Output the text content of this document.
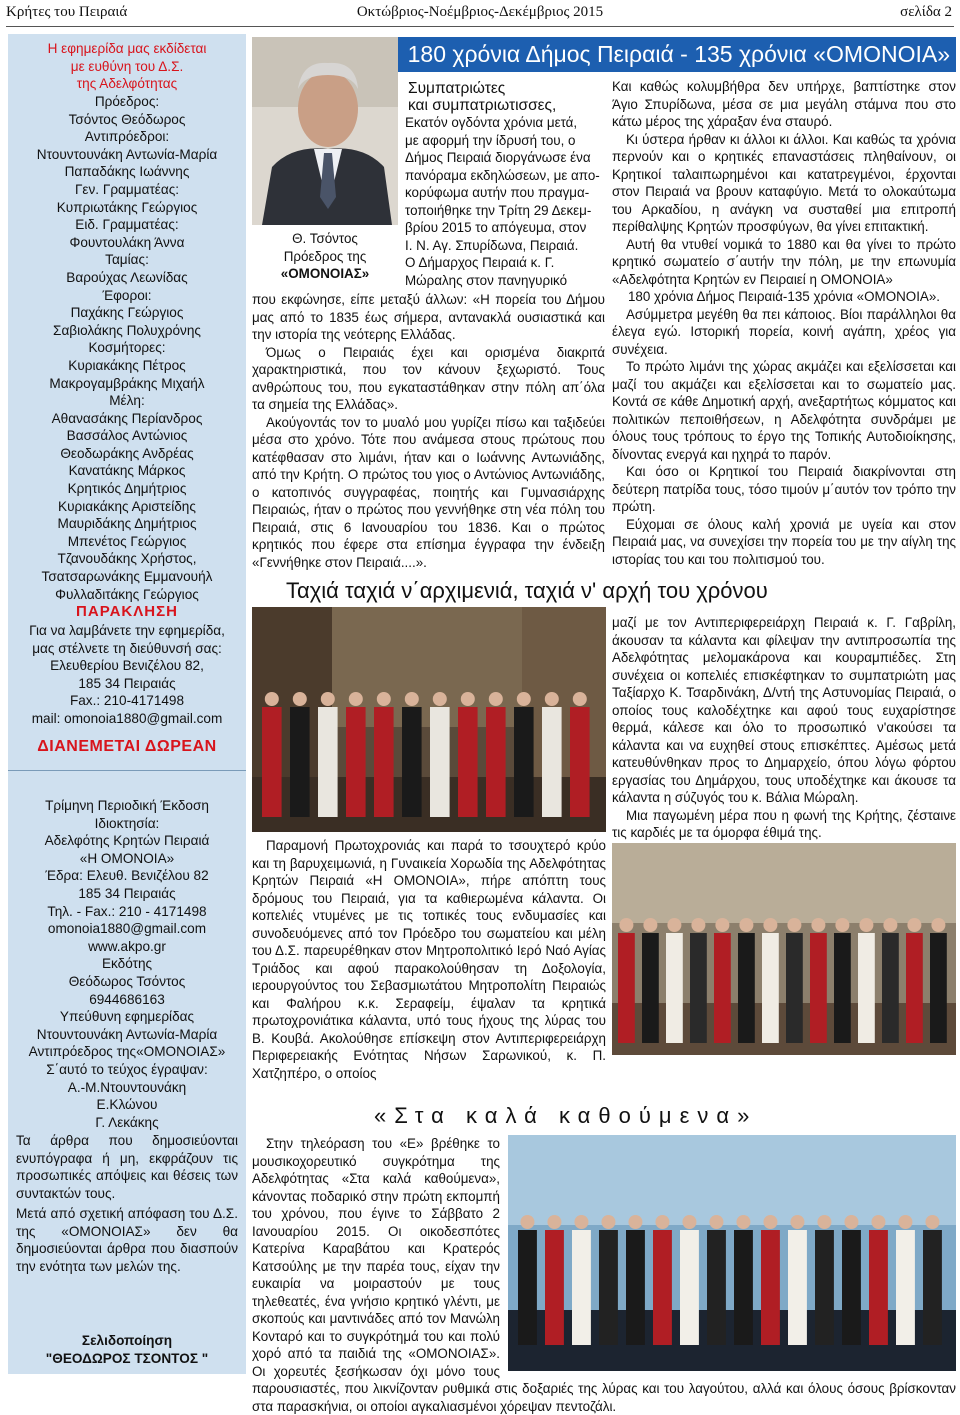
Κρήτες του Πειραιά	Οκτώβριος-Νοέμβριος-Δεκέμβριος 2015	σελίδα 2
Η εφημερίδα μας εκδίδεται
με ευθύνη του Δ.Σ.
της Αδελφότητας
Πρόεδρος:
Τσόντος Θεόδωρος
Αντιπρόεδροι:
Ντουντουνάκη Αντωνία-Μαρία
Παπαδάκης Ιωάννης
Γεν. Γραμματέας:
Κυπριωτάκης Γεώργιος
Ειδ. Γραμματέας:
Φουντουλάκη Άννα
Ταμίας:
Βαρούχας Λεωνίδας
Έφοροι:
Παχάκης Γεώργιος
Σαβιολάκης Πολυχρόνης
Κοσμήτορες:
Κυριακάκης Πέτρος
Μακρογαμβράκης Μιχαήλ
Μέλη:
Αθανασάκης Περίανδρος
Βασσάλος Αντώνιος
Θεοδωράκης Ανδρέας
Κανατάκης Μάρκος
Κρητικός Δημήτριος
Κυριακάκης Αριστείδης
Μαυριδάκης Δημήτριος
Μπενέτος Γεώργιος
Τζανουδάκης Χρήστος,
Τσατσαρωνάκης Εμμανουήλ
Φυλλαδιτάκης Γεώργιος
ΠΑΡΑΚΛΗΣΗ
Για να λαμβάνετε την εφημερίδα,
μας στέλνετε τη διεύθυνσή σας:
Ελευθερίου Βενιζέλου 82,
185 34 Πειραιάς
Fax.: 210-4171498
mail: omonoia1880@gmail.com
ΔΙΑΝΕΜΕΤΑΙ ΔΩΡΕΑΝ
Τρίμηνη Περιοδική Έκδοση
Ιδιοκτησία:
Αδελφότης Κρητών Πειραιά
«Η ΟΜΟΝΟΙΑ»
Έδρα: Ελευθ. Βενιζέλου 82
185 34 Πειραιάς
Τηλ. - Fax.: 210 - 4171498
omonoia1880@gmail.com
www.akpo.gr
Εκδότης
Θεόδωρος Τσόντος
6944686163
Υπεύθυνη εφημερίδας
Ντουντουνάκη Αντωνία-Μαρία
Αντιπρόεδρος της«ΟΜΟΝΟΙΑΣ»
Σ΄αυτό το τεύχος έγραψαν:
Α.-Μ.Ντουντουνάκη
Ε.Κλώνου
Γ. Λεκάκης
Τα άρθρα που δημοσιεύονται ενυπόγραφα ή μη, εκφράζουν τις προσωπικές απόψεις και θέσεις των συντακτών τους.
Μετά από σχετική απόφαση του Δ.Σ. της «ΟΜΟΝΟΙΑΣ» δεν θα δημοσιεύονται άρθρα που διασπούν την ενότητα των μελών της.
Σελιδοποίηση
"ΘΕΟΔΩΡΟΣ ΤΣΟΝΤΟΣ "
180 χρόνια Δήμος Πειραιά - 135 χρόνια «ΟΜΟΝΟΙΑ»
Θ. Τσόντος
Πρόεδρος της
«ΟΜΟΝΟΙΑΣ»
Συμπατριώτες
και συμπατριωτισσες,
Εκατόν ογδόντα χρόνια μετά,
με αφορμή την ίδρυσή του, ο
Δήμος Πειραιά διοργάνωσε ένα
πανόραμα εκδηλώσεων, με απο-
κορύφωμα αυτήν που πραγμα-
τοποιήθηκε την Τρίτη 29 Δεκεμ-
βρίου 2015 το απόγευμα, στον
Ι. Ν. Αγ. Σπυρίδωνα, Πειραιά.
Ο Δήμαρχος Πειραιά κ. Γ.
Μώραλης στον πανηγυρικό

που εκφώνησε, είπε μεταξύ άλλων: «Η πορεία του Δήμου μας από το 1835 έως σήμερα, αντανακλά ουσιαστικά και την ιστορία της νεότερης Ελλάδας.

Όμως ο Πειραιάς έχει και ορισμένα διακριτά χαρακτηριστικά, που τον κάνουν ξεχωριστό. Τους ανθρώπους του, που εγκαταστάθηκαν στην πόλη απ΄όλα τα σημεία της Ελλάδας».

Ακούγοντάς τον το μυαλό μου γυρίζει πίσω και ταξιδεύει μέσα στο χρόνο. Τότε που ανάμεσα στους πρώτους που κατέφθασαν στο λιμάνι, ήταν και ο Ιωάννης Αντωνιάδης, από την Κρήτη. Ο πρώτος του γιος ο Αντώνιος Αντωνιάδης, ο κατοπινός συγγραφέας, ποιητής και Γυμνασιάρχης Πειραιώς, ήταν ο πρώτος που γεννήθηκε στη νέα πόλη του Πειραιά, στις 6 Ιανουαρίου του 1836. Και ο πρώτος κρητικός που έφερε στα επίσημα έγγραφα την ένδειξη «Γεννήθηκε στον Πειραιά....».

Και καθώς κολυμβήθρα δεν υπήρχε, βαπτίστηκε στον Άγιο Σπυρίδωνα, μέσα σε μια μεγάλη στάμνα που στο κάτω μέρος της χάραξαν ένα σταυρό.

Κι ύστερα ήρθαν κι άλλοι κι άλλοι. Και καθώς τα χρόνια περνούν και ο κρητικές επαναστάσεις πληθαίνουν, οι Κρητικοί ταλαιπωρημένοι και κατατρεγμένοι, έρχονται στον Πειραιά να βρουν καταφύγιο. Μετά το ολοκαύτωμα του Αρκαδίου, η ανάγκη να συσταθεί μια επιτροπή περίθαλψης Κρητών προσφύγων, θα γίνει επιτακτική.

Αυτή θα ντυθεί νομικά το 1880 και θα γίνει το πρώτο κρητικό σωματείο σ΄αυτήν την πόλη, με την επωνυμία «Αδελφότητα Κρητών εν Πειραιεί η ΟΜΟΝΟΙΑ»

180 χρόνια Δήμος Πειραιά-135 χρόνια «ΟΜΟΝΟΙΑ».

Ασύμμετρα μεγέθη θα πει κάποιος. Βίοι παράλληλοι θα έλεγα εγώ. Ιστορική πορεία, κοινή αγάπη, χρέος για συνέχεια.

Το πρώτο λιμάνι της χώρας ακμάζει και εξελίσσεται και μαζί του ακμάζει και εξελίσσεται και το σωματείο μας. Κοντά σε κάθε Δημοτική αρχή, ανεξαρτήτως κόμματος και πολιτικών πεποιθήσεων, η Αδελφότητα συνδράμει με όλους τους τρόπους το έργο της Τοπικής Αυτοδιοίκησης, δίνοντας ενεργά και ηχηρά το παρόν.

Και όσο οι Κρητικοί του Πειραιά διακρίνονται στη δεύτερη πατρίδα τους, τόσο τιμούν μ΄αυτόν τον τρόπο την πρώτη.

Εύχομαι σε όλους καλή χρονιά με υγεία και στον Πειραιά μας, να συνεχίσει την πορεία του με την αίγλη της ιστορίας του και του πολιτισμού του.

Ταχιά ταχιά ν΄αρχιμενιά, ταχιά ν' αρχή του χρόνου

μαζί με τον Αντιπεριφερειάρχη Πειραιά κ. Γ. Γαβρίλη, άκουσαν τα κάλαντα και φίλεψαν την αντιπροσωπία της Αδελφότητας μελομακάρονα και κουραμπιέδες. Στη συνέχεια οι κοπελιές επισκέφτηκαν το συμπατριώτη μας Ταξίαρχο Κ. Τσαρδινάκη, Δ/ντή της Αστυνομίας Πειραιά, ο οποίος τους καλοδέχτηκε και αφού τους ευχαρίστησε θερμά, κάλεσε και όλο το προσωπικό ν'ακούσει τα κάλαντα και να ευχηθεί στους επισκέπτες. Αμέσως μετά κατευθύνθηκαν προς το Δημαρχείο, όπου λόγω φόρτου εργασίας του Δημάρχου, τους υποδέχτηκε και άκουσε τα κάλαντα η σύζυγός του κ. Βάλια Μώραλη.

Μια παγωμένη μέρα που η φωνή της Κρήτης, ζέσταινε τις καρδιές με τα όμορφα έθιμά της.

Παραμονή Πρωτοχρονιάς και παρά το τσουχτερό κρύο και τη βαρυχειμωνιά, η Γυναικεία Χορωδία της Αδελφότητας Κρητών Πειραιά «Η ΟΜΟΝΟΙΑ», πήρε απόπτη τους δρόμους του Πειραιά, για τα καθιερωμένα κάλαντα. Οι κοπελιές ντυμένες με τις τοπικές τους ενδυμασίες και συνοδευόμενες από τον Πρόεδρο του σωματείου και μέλη του Δ.Σ. παρευρέθηκαν στον Μητροπολιτικό Ιερό Ναό Αγίας Τριάδος και αφού παρακολούθησαν τη Δοξολογία, ιερουργούντος του Σεβασμιωτάτου Μητροπολίτη Πειραιώς και Φαλήρου κ.κ. Σεραφείμ, έψαλαν τα κρητικά πρωτοχρονιάτικα κάλαντα, υπό τους ήχους της λύρας του Β. Κουβά. Ακολούθησε επίσκεψη στον Αντιπεριφερειάρχη Περιφερειακής Ενότητας Νήσων Σαρωνικού, κ. Π. Χατζηπέρο, ο οποίος

«Στα καλά καθούμενα»

Στην τηλεόραση του «Ε» βρέθηκε το μουσικοχορευτικό συγκρότημα της Αδελφότητας «Στα καλά καθούμενα», κάνοντας ποδαρικό στην πρώτη εκπομπή του χρόνου, που έγινε το Σάββατο 2 Ιανουαρίου 2015. Οι οικοδεσπότες Κατερίνα Καραβάτου και Κρατερός Κατσούλης με την παρέα τους, είχαν την ευκαιρία να μοιραστούν με τους τηλεθεατές, ένα γνήσιο κρητικό γλέντι, με σκοπούς και μαντινάδες από τον Μανώλη Κονταρό και το συγκρότημά του και πολύ χορό από τα παιδιά της «ΟΜΟΝΟΙΑΣ». Οι χορευτές ξεσήκωσαν όχι μόνο τους παρουσιαστές, που λικνίζονταν ρυθμικά στις δοξαριές της λύρας και του λαγούτου, αλλά και όλους όσους βρίσκονταν στα παρασκήνια, οι οποίοι αγκαλιασμένοι χόρεψαν πεντοζάλι.
